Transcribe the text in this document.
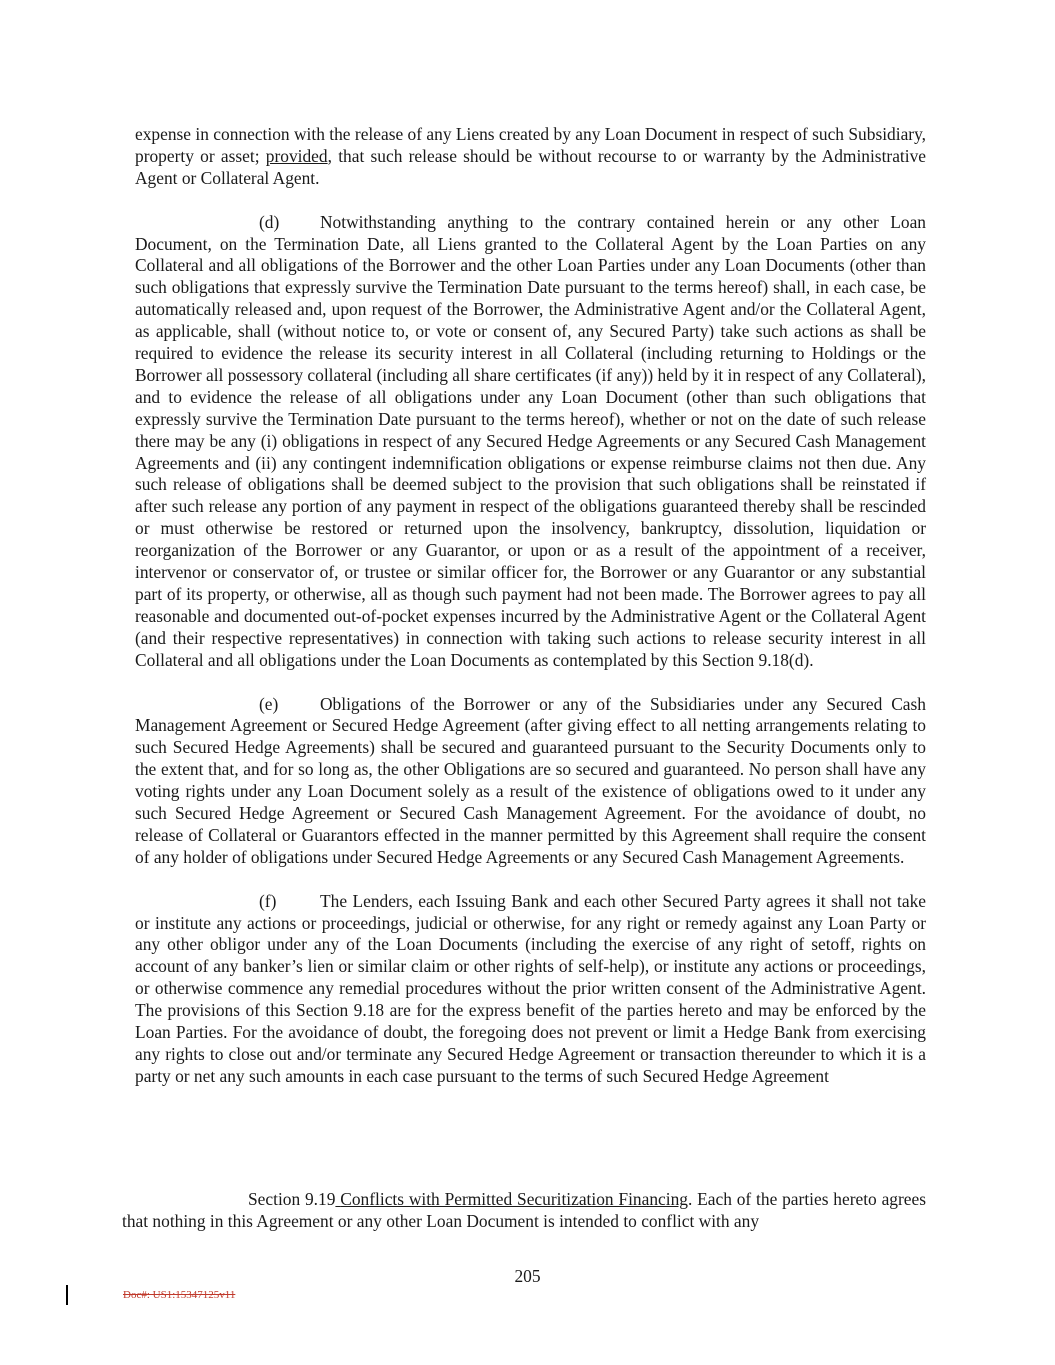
expense in connection with the release of any Liens created by any Loan Document in respect of such Subsidiary, property or asset; provided, that such release should be without recourse to or warranty by the Administrative Agent or Collateral Agent.

(d) Notwithstanding anything to the contrary contained herein or any other Loan Document, on the Termination Date, all Liens granted to the Collateral Agent by the Loan Parties on any Collateral and all obligations of the Borrower and the other Loan Parties under any Loan Documents (other than such obligations that expressly survive the Termination Date pursuant to the terms hereof) shall, in each case, be automatically released and, upon request of the Borrower, the Administrative Agent and/or the Collateral Agent, as applicable, shall (without notice to, or vote or consent of, any Secured Party) take such actions as shall be required to evidence the release its security interest in all Collateral (including returning to Holdings or the Borrower all possessory collateral (including all share certificates (if any)) held by it in respect of any Collateral), and to evidence the release of all obligations under any Loan Document (other than such obligations that expressly survive the Termination Date pursuant to the terms hereof), whether or not on the date of such release there may be any (i) obligations in respect of any Secured Hedge Agreements or any Secured Cash Management Agreements and (ii) any contingent indemnification obligations or expense reimburse claims not then due. Any such release of obligations shall be deemed subject to the provision that such obligations shall be reinstated if after such release any portion of any payment in respect of the obligations guaranteed thereby shall be rescinded or must otherwise be restored or returned upon the insolvency, bankruptcy, dissolution, liquidation or reorganization of the Borrower or any Guarantor, or upon or as a result of the appointment of a receiver, intervenor or conservator of, or trustee or similar officer for, the Borrower or any Guarantor or any substantial part of its property, or otherwise, all as though such payment had not been made. The Borrower agrees to pay all reasonable and documented out-of-pocket expenses incurred by the Administrative Agent or the Collateral Agent (and their respective representatives) in connection with taking such actions to release security interest in all Collateral and all obligations under the Loan Documents as contemplated by this Section 9.18(d).

(e) Obligations of the Borrower or any of the Subsidiaries under any Secured Cash Management Agreement or Secured Hedge Agreement (after giving effect to all netting arrangements relating to such Secured Hedge Agreements) shall be secured and guaranteed pursuant to the Security Documents only to the extent that, and for so long as, the other Obligations are so secured and guaranteed. No person shall have any voting rights under any Loan Document solely as a result of the existence of obligations owed to it under any such Secured Hedge Agreement or Secured Cash Management Agreement. For the avoidance of doubt, no release of Collateral or Guarantors effected in the manner permitted by this Agreement shall require the consent of any holder of obligations under Secured Hedge Agreements or any Secured Cash Management Agreements.

(f)	The Lenders, each Issuing Bank and each other Secured Party agrees it shall not take or institute any actions or proceedings, judicial or otherwise, for any right or remedy against any Loan Party or any other obligor under any of the Loan Documents (including the exercise of any right of setoff, rights on account of any banker’s lien or similar claim or other rights of self-help), or institute any actions or proceedings, or otherwise commence any remedial procedures without the prior written consent of the Administrative Agent. The provisions of this Section 9.18 are for the express benefit of the parties hereto and may be enforced by the Loan Parties. For the avoidance of doubt, the foregoing does not prevent or limit a Hedge Bank from exercising any rights to close out and/or terminate any Secured Hedge Agreement or transaction thereunder to which it is a party or net any such amounts in each case pursuant to the terms of such Secured Hedge Agreement

Section 9.19 Conflicts with Permitted Securitization Financing. Each of the parties hereto agrees that nothing in this Agreement or any other Loan Document is intended to conflict with any

205
Doc#: US1:15347125v11
